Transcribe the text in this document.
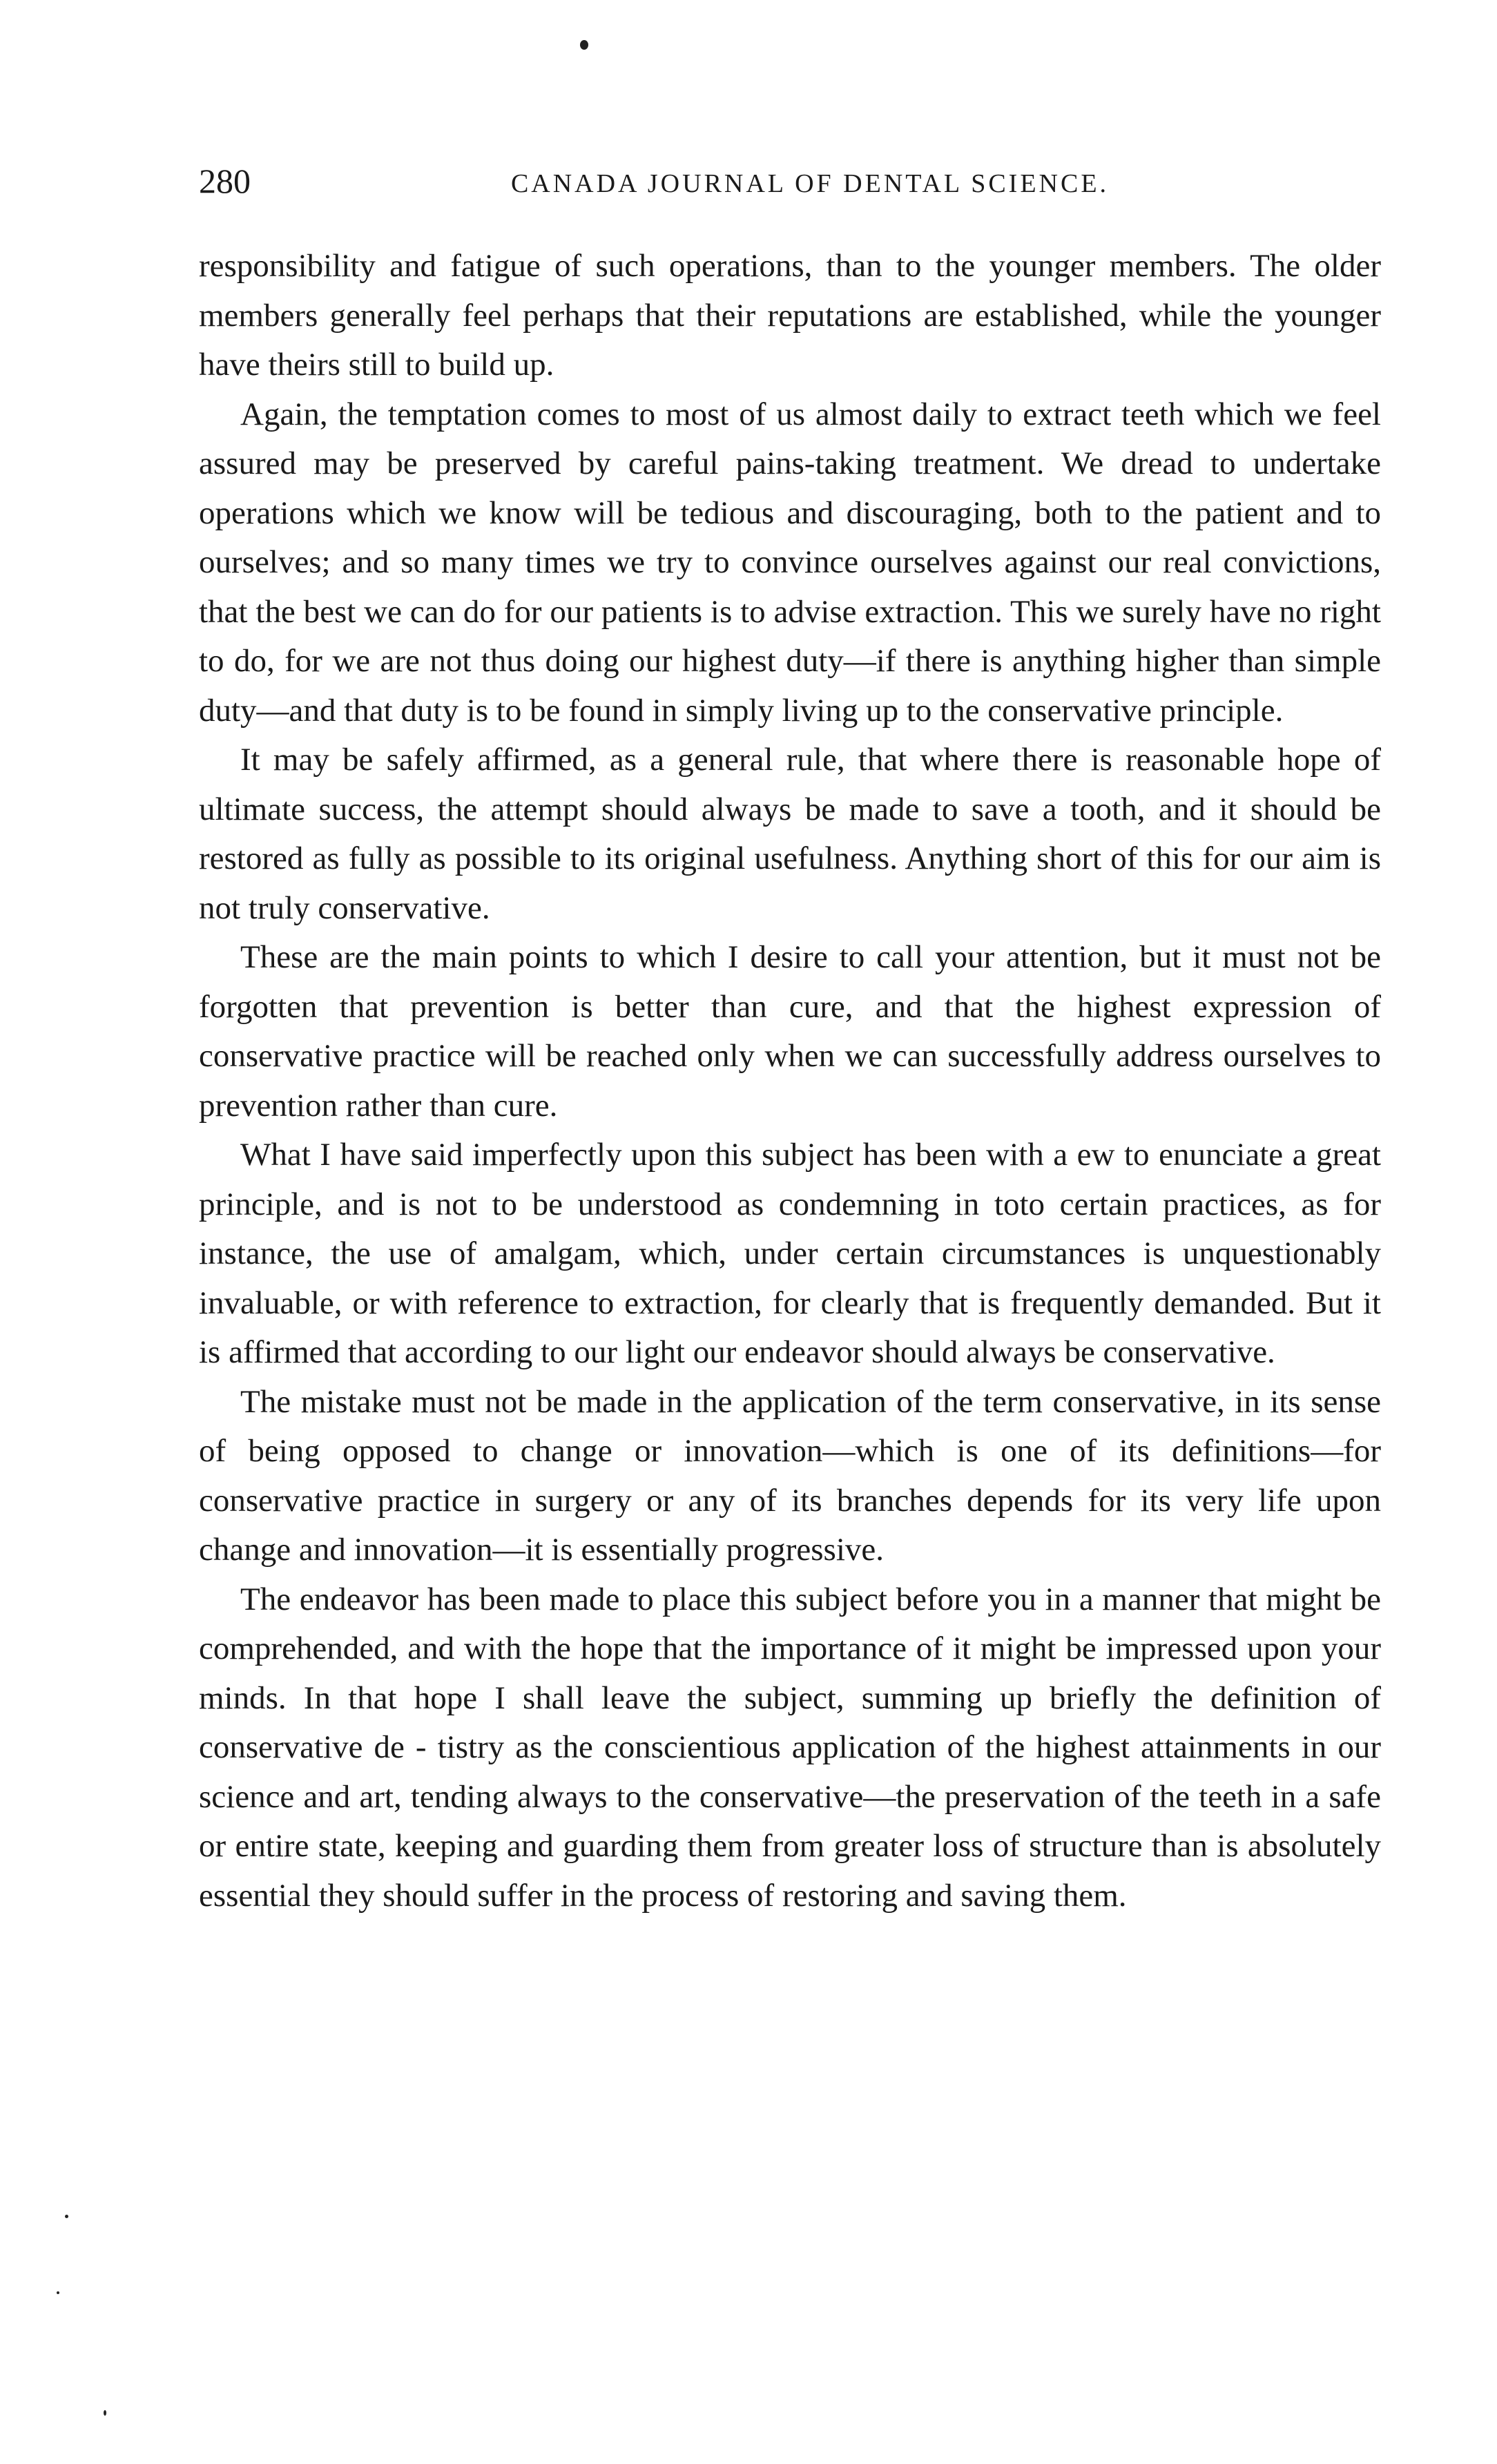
280	CANADA JOURNAL OF DENTAL SCIENCE.

responsibility and fatigue of such operations, than to the younger members. The older members generally feel perhaps that their reputations are established, while the younger have theirs still to build up.

Again, the temptation comes to most of us almost daily to extract teeth which we feel assured may be preserved by careful pains-taking treatment. We dread to undertake operations which we know will be tedious and discouraging, both to the patient and to ourselves; and so many times we try to convince ourselves against our real convictions, that the best we can do for our patients is to advise extraction. This we surely have no right to do, for we are not thus doing our highest duty—if there is anything higher than simple duty—and that duty is to be found in simply living up to the conservative principle.

It may be safely affirmed, as a general rule, that where there is reasonable hope of ultimate success, the attempt should always be made to save a tooth, and it should be restored as fully as possible to its original usefulness. Anything short of this for our aim is not truly conservative.

These are the main points to which I desire to call your attention, but it must not be forgotten that prevention is better than cure, and that the highest expression of conservative practice will be reached only when we can successfully address ourselves to prevention rather than cure.

What I have said imperfectly upon this subject has been with a ew to enunciate a great principle, and is not to be understood as condemning in toto certain practices, as for instance, the use of amalgam, which, under certain circumstances is unquestionably invaluable, or with reference to extraction, for clearly that is frequently demanded. But it is affirmed that according to our light our endeavor should always be conservative.

The mistake must not be made in the application of the term conservative, in its sense of being opposed to change or innovation—which is one of its definitions—for conservative practice in surgery or any of its branches depends for its very life upon change and innovation—it is essentially progressive.

The endeavor has been made to place this subject before you in a manner that might be comprehended, and with the hope that the importance of it might be impressed upon your minds. In that hope I shall leave the subject, summing up briefly the definition of conservative de - tistry as the conscientious application of the highest attainments in our science and art, tending always to the conservative—the preservation of the teeth in a safe or entire state, keeping and guarding them from greater loss of structure than is absolutely essential they should suffer in the process of restoring and saving them.
